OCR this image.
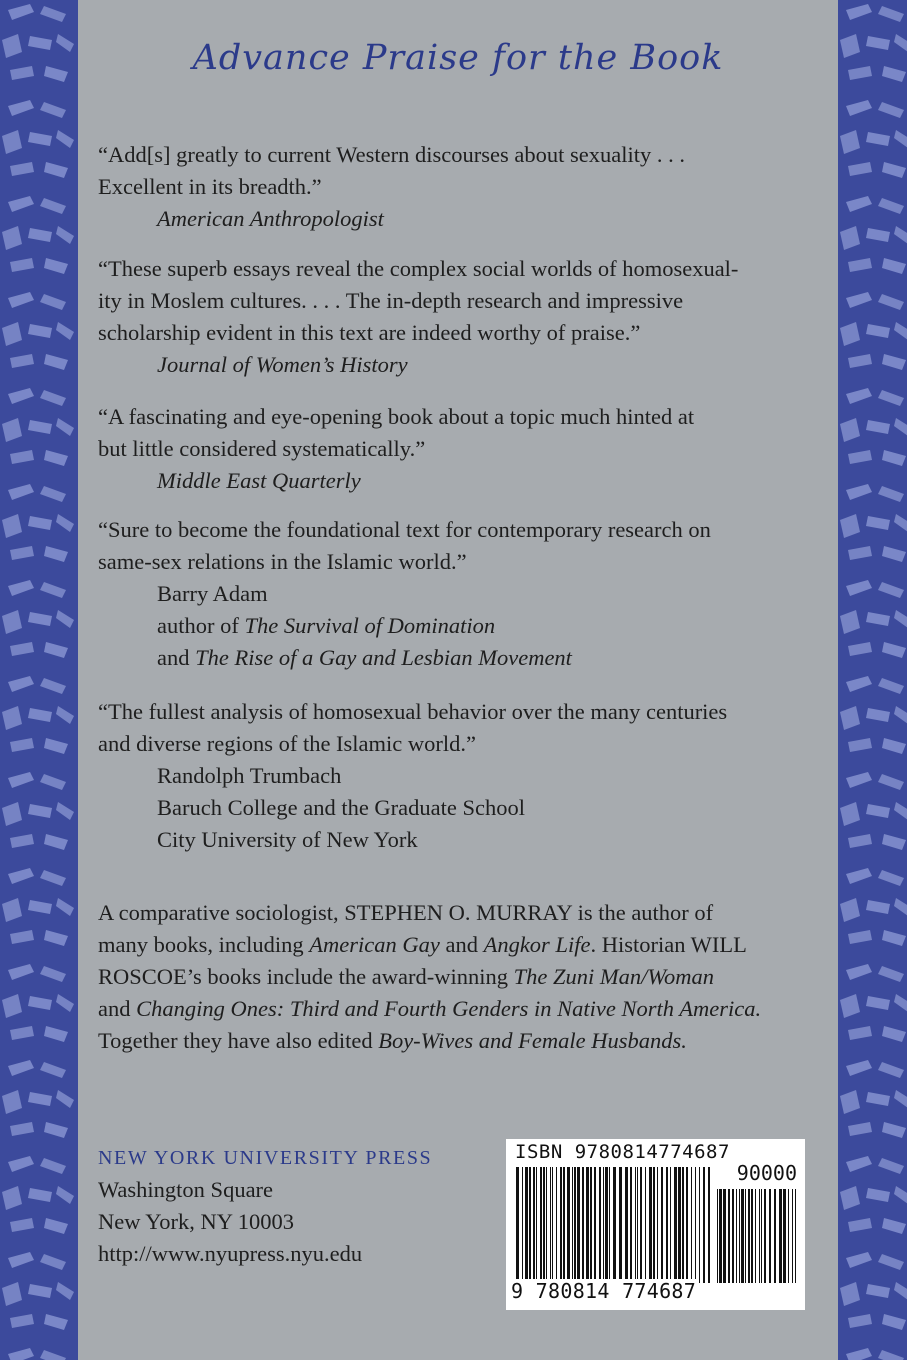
Advance Praise for the Book

“Add[s] greatly to current Western discourses about sexuality . . .

Excellent in its breadth.”

American Anthropologist

“These superb essays reveal the complex social worlds of homosexual-

ity in Moslem cultures. . . . The in-depth research and impressive

scholarship evident in this text are indeed worthy of praise.”

Journal of Women’s History

“A fascinating and eye-opening book about a topic much hinted at

but little considered systematically.”

Middle East Quarterly

“Sure to become the foundational text for contemporary research on

same-sex relations in the Islamic world.”

Barry Adam

author of The Survival of Domination

and The Rise of a Gay and Lesbian Movement

“The fullest analysis of homosexual behavior over the many centuries

and diverse regions of the Islamic world.”

Randolph Trumbach

Baruch College and the Graduate School

City University of New York

A comparative sociologist, STEPHEN O. MURRAY is the author of
many books, including American Gay and Angkor Life. Historian WILL
ROSCOE’s books include the award-winning The Zuni Man/Woman
and Changing Ones: Third and Fourth Genders in Native North America.
Together they have also edited Boy-Wives and Female Husbands.
NEW YORK UNIVERSITY PRESS
Washington Square
New York, NY 10003
http://www.nyupress.nyu.edu
ISBN 9780814774687
90000
9 780814 774687
